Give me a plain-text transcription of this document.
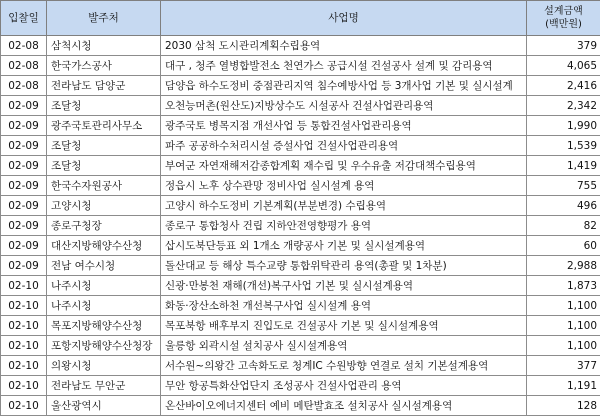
입찰일	발주처	사업명	설계금액
(백만원)

02-08	삼척시청	2030 삼척 도시관리계획수립용역	379
02-08	한국가스공사	대구 , 청주 열병합발전소 천연가스 공급시설 건설공사 설계 및 감리용역	4,065
02-08	전라남도 담양군	담양읍 하수도정비 중점관리지역 침수예방사업 등 3개사업 기본 및 실시설계	2,416
02-09	조달청	오천능머촌(원산도)지방상수도 시설공사 건설사업관리용역	2,342
02-09	광주국토관리사무소	광주국토 병목지점 개선사업 등 통합건설사업관리용역	1,990
02-09	조달청	파주 공공하수처리시설 증설사업 건설사업관리용역	1,539
02-09	조달청	부여군 자연재해저감종합계획 재수립 및 우수유출 저감대책수립용역	1,419
02-09	한국수자원공사	정읍시 노후 상수관망 정비사업 실시설계 용역	755
02-09	고양시청	고양시 하수도정비 기본계획(부분변경) 수립용역	496
02-09	종로구청장	종로구 통합청사 건립 지하안전영향평가 용역	82
02-09	대산지방해양수산청	삽시도북단등표 외 1개소 개량공사 기본 및 실시설계용역	60
02-09	전남 여수시청	돌산대교 등 해상 특수교량 통합위탁관리 용역(총괄 및 1차분)	2,988
02-10	나주시청	신광·만봉천 재해(개선)복구사업 기본 및 실시설계용역	1,873
02-10	나주시청	화동·장산소하천 개선복구사업 실시설계 용역	1,100
02-10	목포지방해양수산청	목포북항 배후부지 진입도로 건설공사 기본 및 실시설계용역	1,100
02-10	포항지방해양수산청장	울릉항 외곽시설 설치공사 실시설계용역	1,100
02-10	의왕시청	서수원~의왕간 고속화도로 청계IC 수원방향 연결로 설치 기본설계용역	377
02-10	전라남도 무안군	무안 항공특화산업단지 조성공사 건설사업관리 용역	1,191
02-10	울산광역시	온산바이오에너지센터 예비 메탄발효조 설치공사 실시설계용역	128
